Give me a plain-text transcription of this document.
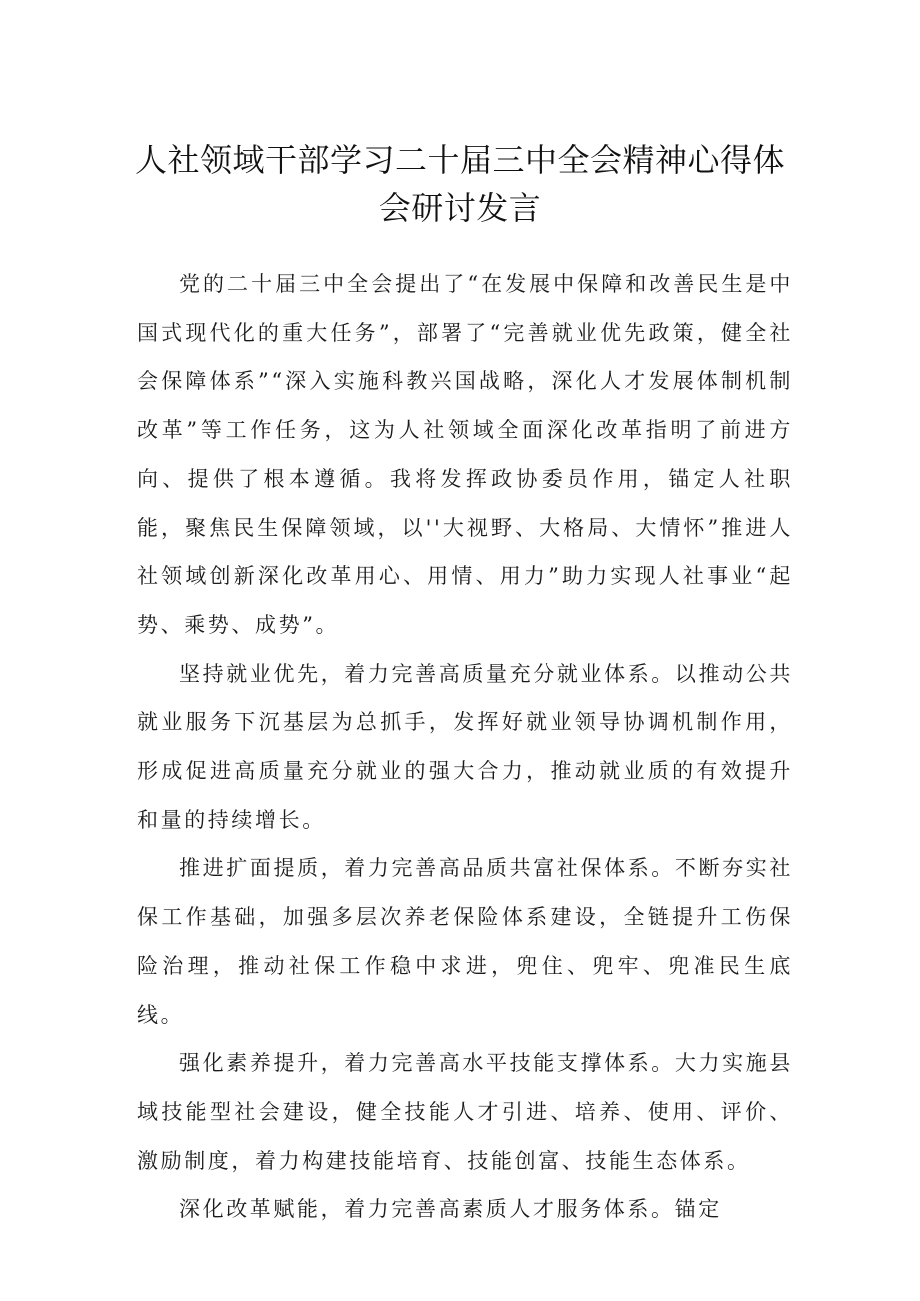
人社领域干部学习二十届三中全会精神心得体
会研讨发言

党的二十届三中全会提出了“在发展中保障和改善民生是中国式现代化的重大任务”，部署了“完善就业优先政策，健全社会保障体系”“深入实施科教兴国战略，深化人才发展体制机制改革”等工作任务，这为人社领域全面深化改革指明了前进方向、提供了根本遵循。我将发挥政协委员作用，锚定人社职能，聚焦民生保障领域，以''大视野、大格局、大情怀”推进人社领域创新深化改革用心、用情、用力”助力实现人社事业“起势、乘势、成势”。

坚持就业优先，着力完善高质量充分就业体系。以推动公共就业服务下沉基层为总抓手，发挥好就业领导协调机制作用，形成促进高质量充分就业的强大合力，推动就业质的有效提升和量的持续增长。

推进扩面提质，着力完善高品质共富社保体系。不断夯实社保工作基础，加强多层次养老保险体系建设，全链提升工伤保险治理，推动社保工作稳中求进，兜住、兜牢、兜准民生底线。

强化素养提升，着力完善高水平技能支撑体系。大力实施县域技能型社会建设，健全技能人才引进、培养、使用、评价、激励制度，着力构建技能培育、技能创富、技能生态体系。

深化改革赋能，着力完善高素质人才服务体系。锚定
